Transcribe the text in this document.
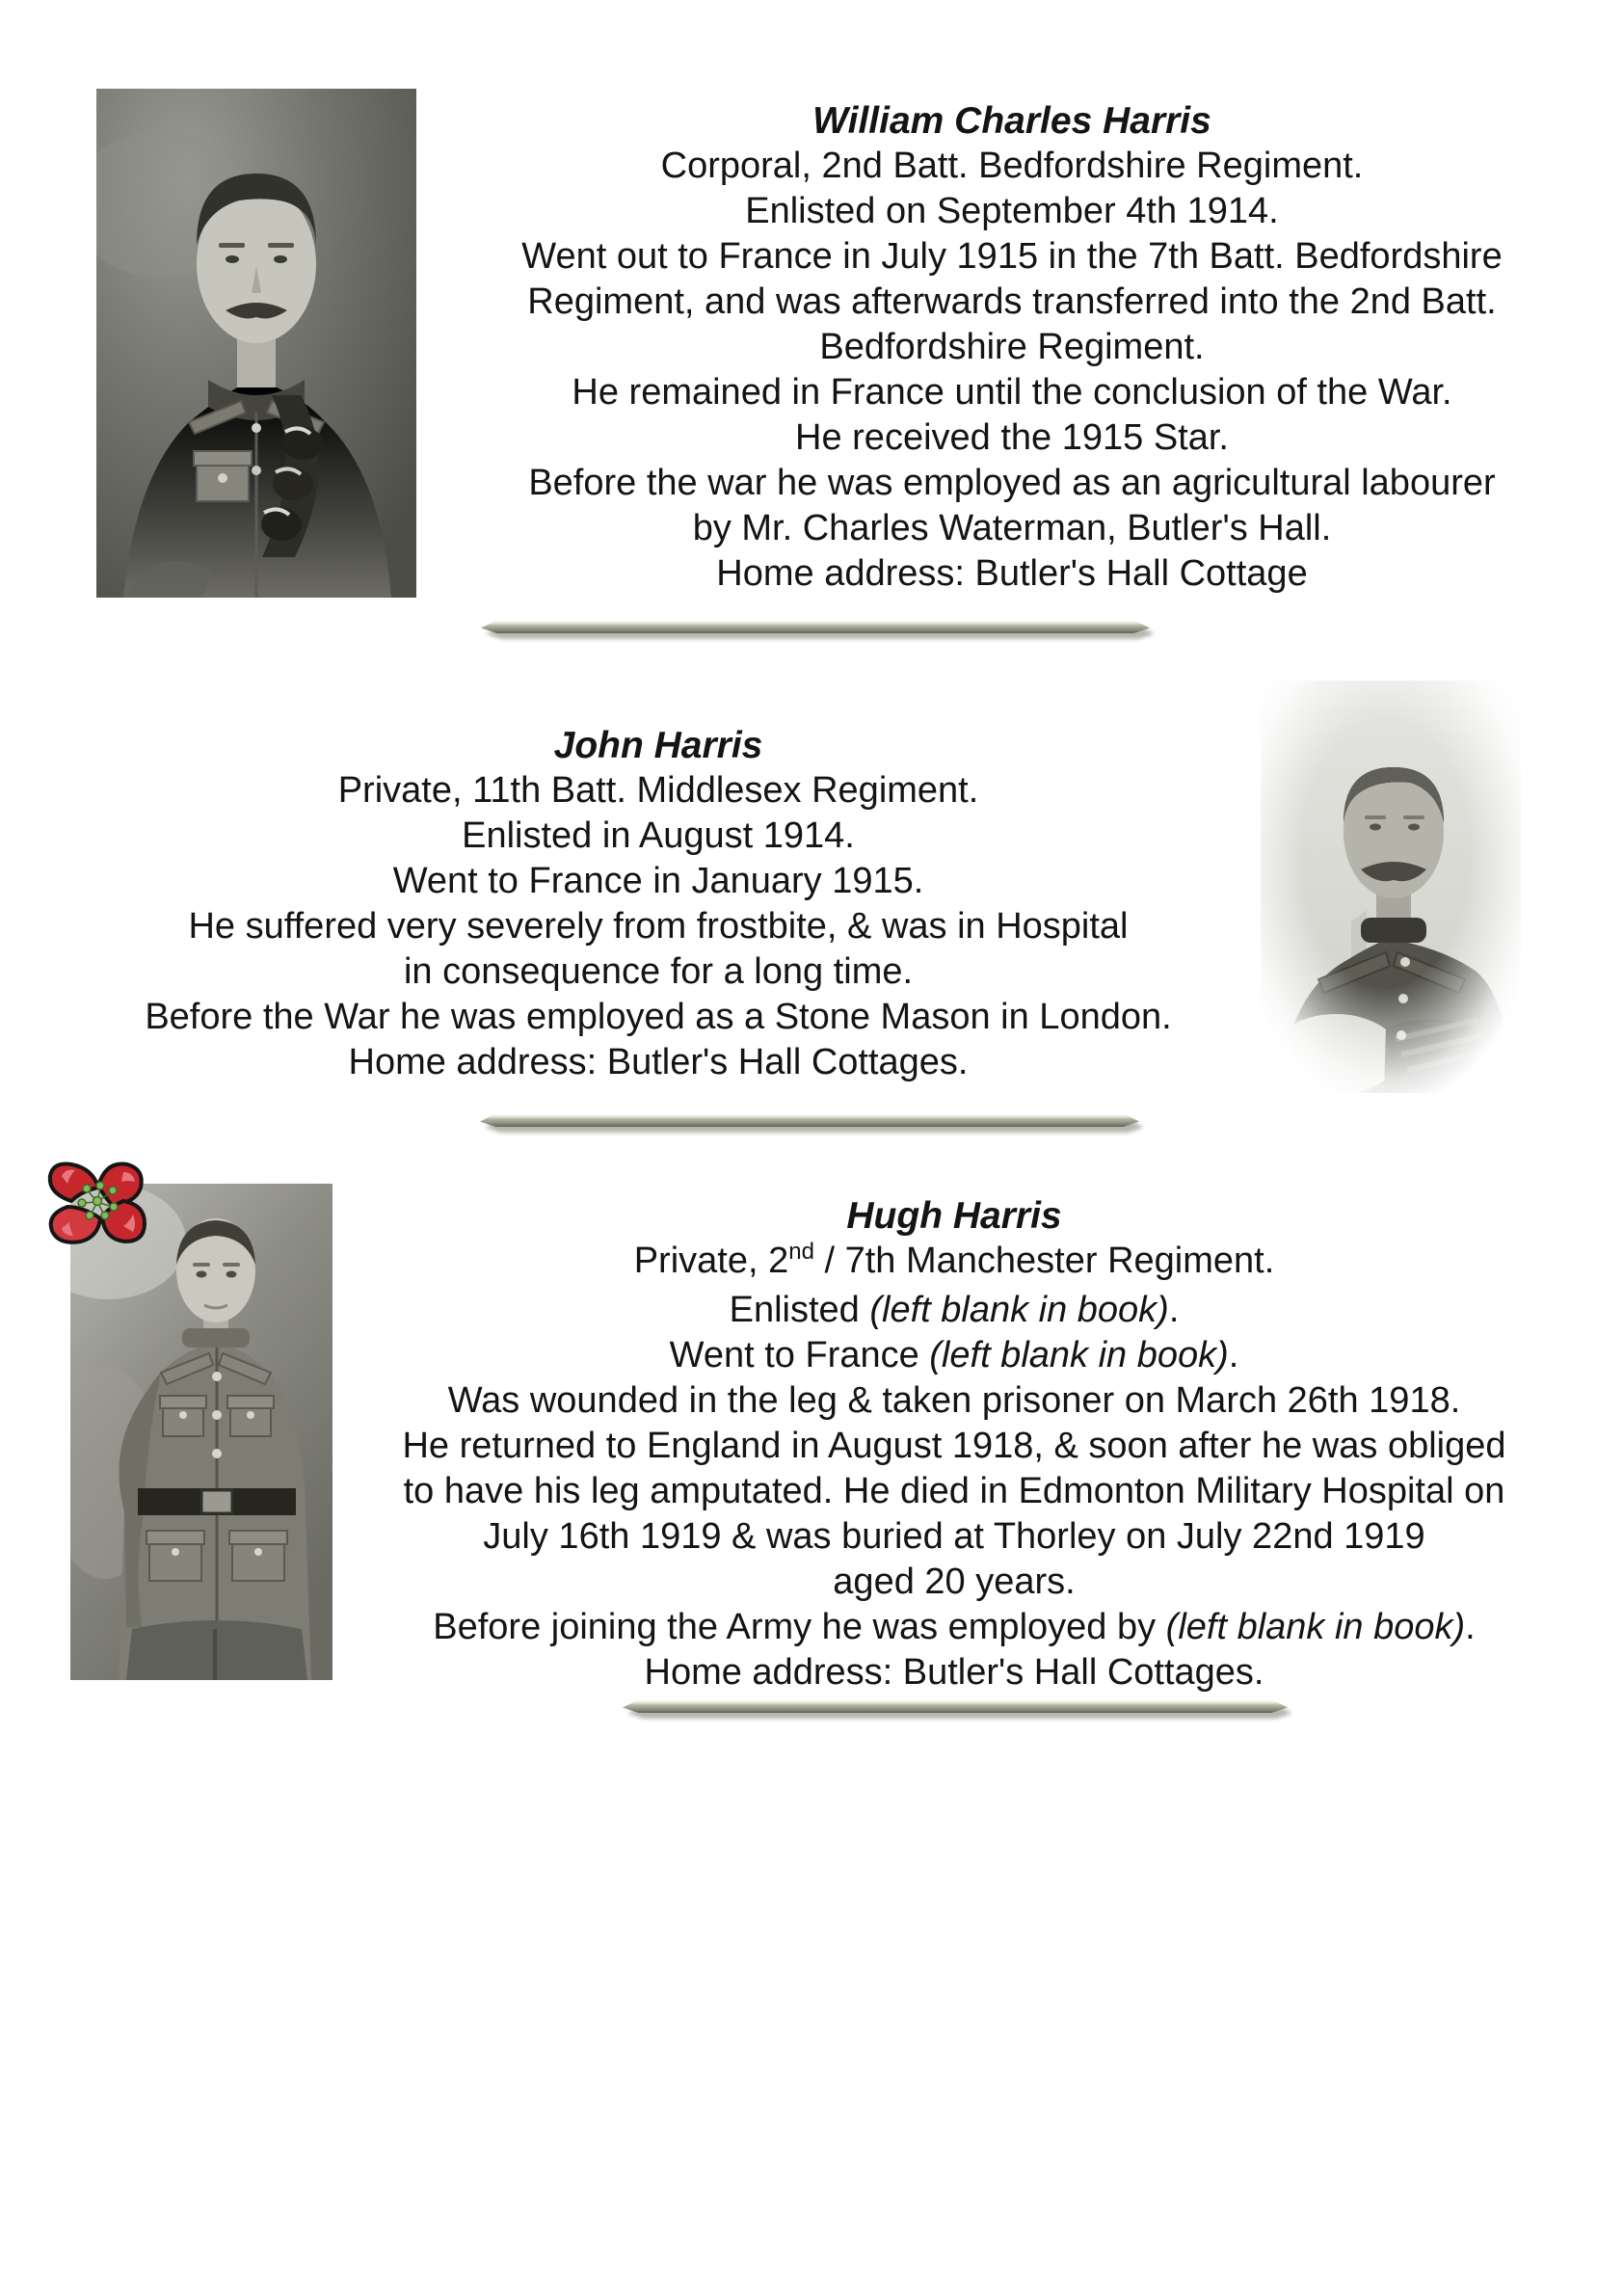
William Charles Harris
Corporal, 2nd Batt. Bedfordshire Regiment.
Enlisted on September 4th 1914.
Went out to France in July 1915 in the 7th Batt. Bedfordshire
Regiment, and was afterwards transferred into the 2nd Batt.
Bedfordshire Regiment.
He remained in France until the conclusion of the War.
He received the 1915 Star.
Before the war he was employed as an agricultural labourer
by Mr. Charles Waterman, Butler's Hall.
Home address: Butler's Hall Cottage
John Harris
Private, 11th Batt. Middlesex Regiment.
Enlisted in August 1914.
Went to France in January 1915.
He suffered very severely from frostbite, & was in Hospital
in consequence for a long time.
Before the War he was employed as a Stone Mason in London.
Home address: Butler's Hall Cottages.
Hugh Harris
Private, 2nd / 7th Manchester Regiment.
Enlisted (left blank in book).
Went to France (left blank in book).
Was wounded in the leg & taken prisoner on March 26th 1918.
He returned to England in August 1918, & soon after he was obliged
to have his leg amputated. He died in Edmonton Military Hospital on
July 16th 1919 & was buried at Thorley on July 22nd 1919
aged 20 years.
Before joining the Army he was employed by (left blank in book).
Home address: Butler's Hall Cottages.
